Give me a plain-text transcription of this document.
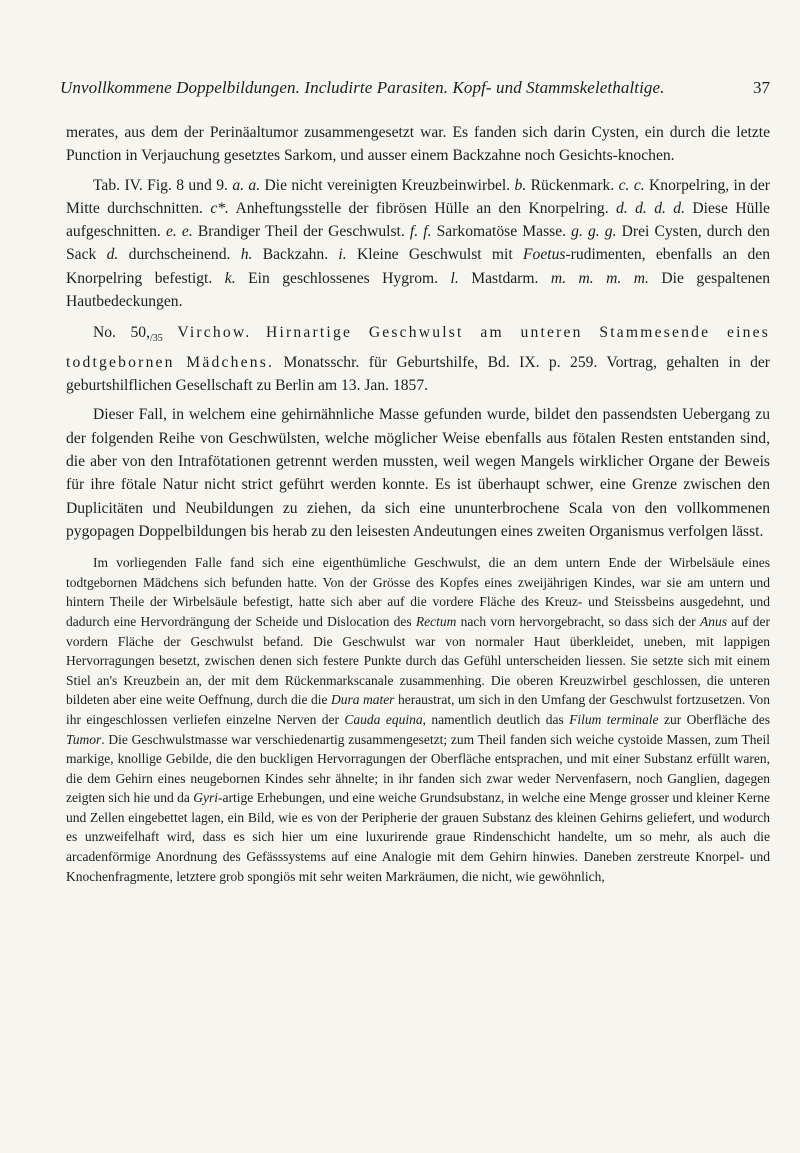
Unvollkommene Doppelbildungen. Includirte Parasiten. Kopf- und Stammskelethaltige.	37

merates, aus dem der Perinäaltumor zusammengesetzt war. Es fanden sich darin Cysten, ein durch die letzte Punction in Verjauchung gesetztes Sarkom, und ausser einem Backzahne noch Gesichts-knochen.

Tab. IV. Fig. 8 und 9. a. a. Die nicht vereinigten Kreuzbeinwirbel. b. Rückenmark. c. c. Knorpelring, in der Mitte durchschnitten. c*. Anheftungsstelle der fibrösen Hülle an den Knorpelring. d. d. d. d. Diese Hülle aufgeschnitten. e. e. Brandiger Theil der Geschwulst. f. f. Sarkomatöse Masse. g. g. g. Drei Cysten, durch den Sack d. durchscheinend. h. Backzahn. i. Kleine Geschwulst mit Foetus-rudimenten, ebenfalls an den Knorpelring befestigt. k. Ein geschlossenes Hygrom. l. Mastdarm. m. m. m. m. Die gespaltenen Hautbedeckungen.

No. $50,_{/35}$ Virchow. Hirnartige Geschwulst am unteren Stammesende eines todtgebornen Mädchens. Monatsschr. für Geburtshilfe, Bd. IX. p. 259. Vortrag, gehalten in der geburtshilflichen Gesellschaft zu Berlin am 13. Jan. 1857.

Dieser Fall, in welchem eine gehirnähnliche Masse gefunden wurde, bildet den passendsten Uebergang zu der folgenden Reihe von Geschwülsten, welche möglicher Weise ebenfalls aus fötalen Resten entstanden sind, die aber von den Intrafötationen getrennt werden mussten, weil wegen Mangels wirklicher Organe der Beweis für ihre fötale Natur nicht strict geführt werden konnte. Es ist überhaupt schwer, eine Grenze zwischen den Duplicitäten und Neubildungen zu ziehen, da sich eine ununterbrochene Scala von den vollkommenen pygopagen Doppelbildungen bis herab zu den leisesten Andeutungen eines zweiten Organismus verfolgen lässt.

Im vorliegenden Falle fand sich eine eigenthümliche Geschwulst, die an dem untern Ende der Wirbelsäule eines todtgebornen Mädchens sich befunden hatte. Von der Grösse des Kopfes eines zweijährigen Kindes, war sie am untern und hintern Theile der Wirbelsäule befestigt, hatte sich aber auf die vordere Fläche des Kreuz- und Steissbeins ausgedehnt, und dadurch eine Hervordrängung der Scheide und Dislocation des Rectum nach vorn hervorgebracht, so dass sich der Anus auf der vordern Fläche der Geschwulst befand. Die Geschwulst war von normaler Haut überkleidet, uneben, mit lappigen Hervorragungen besetzt, zwischen denen sich festere Punkte durch das Gefühl unterscheiden liessen. Sie setzte sich mit einem Stiel an's Kreuzbein an, der mit dem Rückenmarkscanale zusammenhing. Die oberen Kreuzwirbel geschlossen, die unteren bildeten aber eine weite Oeffnung, durch die die Dura mater heraustrat, um sich in den Umfang der Geschwulst fortzusetzen. Von ihr eingeschlossen verliefen einzelne Nerven der Cauda equina, namentlich deutlich das Filum terminale zur Oberfläche des Tumor. Die Geschwulstmasse war verschiedenartig zusammengesetzt; zum Theil fanden sich weiche cystoide Massen, zum Theil markige, knollige Gebilde, die den buckligen Hervorragungen der Oberfläche entsprachen, und mit einer Substanz erfüllt waren, die dem Gehirn eines neugebornen Kindes sehr ähnelte; in ihr fanden sich zwar weder Nervenfasern, noch Ganglien, dagegen zeigten sich hie und da Gyri-artige Erhebungen, und eine weiche Grundsubstanz, in welche eine Menge grosser und kleiner Kerne und Zellen eingebettet lagen, ein Bild, wie es von der Peripherie der grauen Substanz des kleinen Gehirns geliefert, und wodurch es unzweifelhaft wird, dass es sich hier um eine luxurirende graue Rindenschicht handelte, um so mehr, als auch die arcadenförmige Anordnung des Gefässsystems auf eine Analogie mit dem Gehirn hinwies. Daneben zerstreute Knorpel- und Knochenfragmente, letztere grob spongiös mit sehr weiten Markräumen, die nicht, wie gewöhnlich,
